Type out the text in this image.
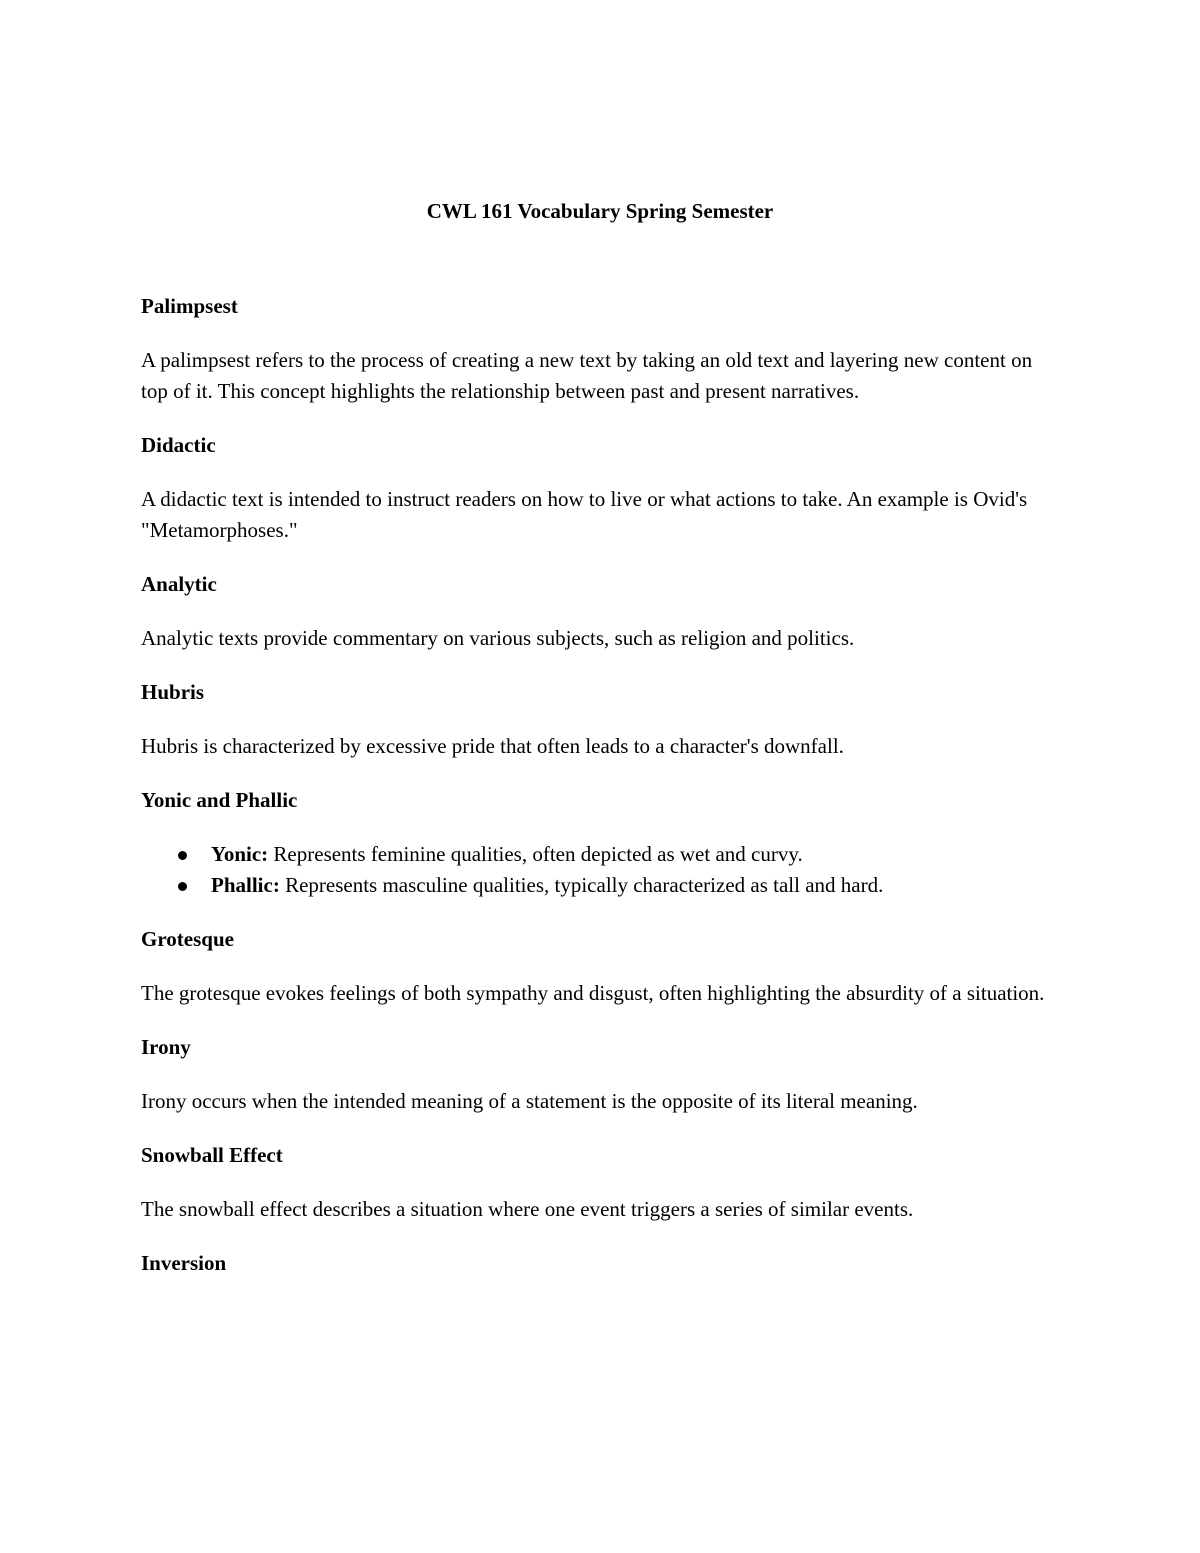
CWL 161 Vocabulary Spring Semester
Palimpsest

A palimpsest refers to the process of creating a new text by taking an old text and layering new content on top of it. This concept highlights the relationship between past and present narratives.

Didactic

A didactic text is intended to instruct readers on how to live or what actions to take. An example is Ovid's "Metamorphoses."

Analytic

Analytic texts provide commentary on various subjects, such as religion and politics.

Hubris

Hubris is characterized by excessive pride that often leads to a character's downfall.

Yonic and Phallic
Yonic: Represents feminine qualities, often depicted as wet and curvy.
Phallic: Represents masculine qualities, typically characterized as tall and hard.
Grotesque

The grotesque evokes feelings of both sympathy and disgust, often highlighting the absurdity of a situation.

Irony

Irony occurs when the intended meaning of a statement is the opposite of its literal meaning.

Snowball Effect

The snowball effect describes a situation where one event triggers a series of similar events.

Inversion
